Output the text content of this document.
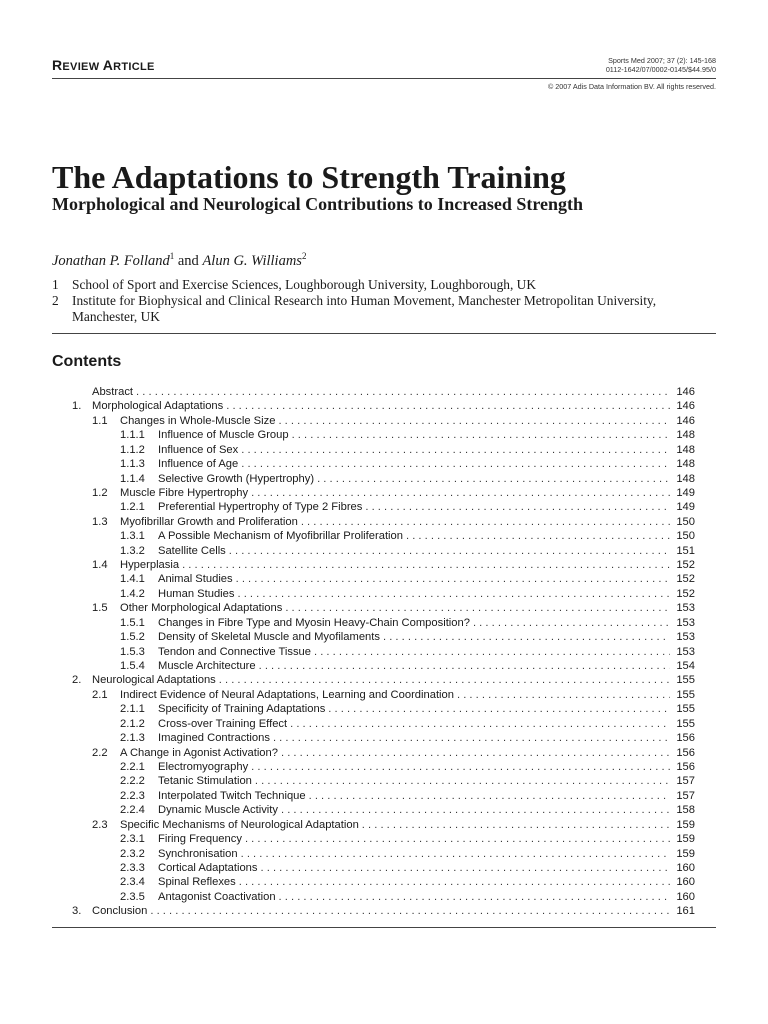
REVIEW ARTICLE
Sports Med 2007; 37 (2): 145-168
0112-1642/07/0002-0145/$44.95/0
© 2007 Adis Data Information BV. All rights reserved.
The Adaptations to Strength Training
Morphological and Neurological Contributions to Increased Strength
Jonathan P. Folland$^1$ and Alun G. Williams$^2$
1 School of Sport and Exercise Sciences, Loughborough University, Loughborough, UK
2 Institute for Biophysical and Clinical Research into Human Movement, Manchester Metropolitan University, Manchester, UK
Contents
Abstract . . .	146
1. Morphological Adaptations . . .	146
1.1	Changes in Whole-Muscle Size . . .	146
1.1.1	Influence of Muscle Group . . .	148
1.1.2	Influence of Sex . . .	148
1.1.3	Influence of Age . . .	148
1.1.4	Selective Growth (Hypertrophy) . . .	148
1.2	Muscle Fibre Hypertrophy . . .	149
1.2.1	Preferential Hypertrophy of Type 2 Fibres . . .	149
1.3	Myofibrillar Growth and Proliferation . . .	150
1.3.1	A Possible Mechanism of Myofibrillar Proliferation . . .	150
1.3.2	Satellite Cells . . .	151
1.4	Hyperplasia . . .	152
1.4.1	Animal Studies . . .	152
1.4.2	Human Studies . . .	152
1.5	Other Morphological Adaptations . . .	153
1.5.1	Changes in Fibre Type and Myosin Heavy-Chain Composition? . . .	153
1.5.2	Density of Skeletal Muscle and Myofilaments . . .	153
1.5.3	Tendon and Connective Tissue . . .	153
1.5.4	Muscle Architecture . . .	154
2. Neurological Adaptations . . .	155
2.1	Indirect Evidence of Neural Adaptations, Learning and Coordination . . .	155
2.1.1	Specificity of Training Adaptations . . .	155
2.1.2	Cross-over Training Effect . . .	155
2.1.3	Imagined Contractions . . .	156
2.2	A Change in Agonist Activation? . . .	156
2.2.1	Electromyography . . .	156
2.2.2	Tetanic Stimulation . . .	157
2.2.3	Interpolated Twitch Technique . . .	157
2.2.4	Dynamic Muscle Activity . . .	158
2.3	Specific Mechanisms of Neurological Adaptation . . .	159
2.3.1	Firing Frequency . . .	159
2.3.2	Synchronisation . . .	159
2.3.3	Cortical Adaptations . . .	160
2.3.4	Spinal Reflexes . . .	160
2.3.5	Antagonist Coactivation . . .	160
3. Conclusion . . .	161
